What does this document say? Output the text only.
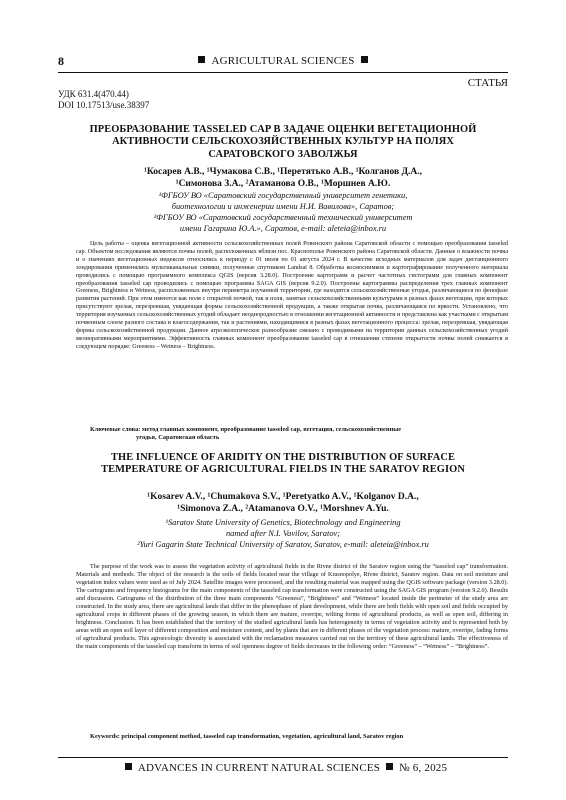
8	AGRICULTURAL SCIENCES
СТАТЬЯ
УДК 631.4(470.44)
DOI 10.17513/use.38397
ПРЕОБРАЗОВАНИЕ TASSELED CAP В ЗАДАЧЕ ОЦЕНКИ ВЕГЕТАЦИОННОЙ АКТИВНОСТИ СЕЛЬСКОХОЗЯЙСТВЕННЫХ КУЛЬТУР НА ПОЛЯХ САРАТОВСКОГО ЗАВОЛЖЬЯ
¹Косарев А.В., ¹Чумакова С.В., ¹Перетятько А.В., ¹Колганов Д.А.,
¹Симонова З.А., ²Атаманова О.В., ¹Моршнев А.Ю.
¹ФГБОУ ВО «Саратовский государственный университет генетики,
биотехнологии и инженерии имени Н.И. Вавилова», Саратов;
²ФГБОУ ВО «Саратовский государственный технический университет
имени Гагарина Ю.А.», Саратов, e-mail: aleteia@inbox.ru

Цель работы – оценка вегетационной активности сельскохозяйственных полей Ровенского района Саратовской области с помощью преобразования tasseled cap. Объектом исследования являются почвы полей, расположенных вблизи пос. Краснополье Ровенского района Саратовской области. Данные о влажности почвы и о значениях вегетационных индексов относились к периоду с 01 июля по 01 августа 2024 г. В качестве исходных материалов для задач дистанционного зондирования применялись мультиканальные снимки, полученные спутником Landsat 8. Обработка космоснимков и картографирование полученного материала проводились с помощью программного комплекса QGIS (версия 3.28.0). Построение картограмм и расчет частотных гистограмм для главных компонент преобразования tasseled cap проводились с помощью программы SAGA GIS (версия 9.2.0). Построены картограммы распределения трех главных компонент Greeness, Brightness и Wetness, расположенных внутри периметра изучаемой территории, где находятся сельскохозяйственные угодья, различающиеся по фенофазе развития растений. При этом имеются как поля с открытой почвой, так и поля, занятые сельскохозяйственными культурами в разных фазах вегетации, при которых присутствуют зрелая, перезревшая, увядающая формы сельскохозяйственной продукции, а также открытая почва, различающаяся по яркости. Установлено, что территория изучаемых сельскохозяйственных угодий обладает неоднородностью в отношении вегетационной активности и представлена как участками с открытым почвенным слоем разного состава и влагосодержания, так и растениями, находящимися в разных фазах вегетационного процесса: зрелая, перезревшая, увядающая формы сельскохозяйственной продукции. Данное агроэкологическое разнообразие связано с проводимыми на территории данных сельскохозяйственных угодий мелиоративными мероприятиями. Эффективность главных компонент преобразования tasseled cap в отношении степени открытости почвы полей снижается в следующем порядке: Greeness – Wetness – Brightness.

Ключевые слова: метод главных компонент, преобразование tasseled cap, вегетация, сельскохозяйственные
угодья, Саратовская область
THE INFLUENCE OF ARIDITY ON THE DISTRIBUTION OF SURFACE TEMPERATURE OF AGRICULTURAL FIELDS IN THE SARATOV REGION
¹Kosarev A.V., ¹Chumakova S.V., ¹Peretyatko A.V., ¹Kolganov D.A.,
¹Simonova Z.A., ²Atamanova O.V., ¹Morshnev A.Yu.
¹Saratov State University of Genetics, Biotechnology and Engineering
named after N.I. Vavilov, Saratov;
²Yuri Gagarin State Technical University of Saratov, Saratov, e-mail: aleteia@inbox.ru

The purpose of the work was to assess the vegetation activity of agricultural fields in the Rivne district of the Saratov region using the “tasseled cap” transformation. Materials and methods. The object of the research is the soils of fields located near the village of Krasnopolye, Rivne district, Saratov region. Data on soil moisture and vegetation index values were used as of July 2024. Satellite images were processed, and the resulting material was mapped using the QGIS software package (version 3.28.0). The cartograms and frequency histograms for the main components of the tasseled cap transformation were constructed using the SAGA GIS program (version 9.2.0). Results and discussion. Cartograms of the distribution of the three main components “Greeness”, “Brightness” and “Wetness” located inside the perimeter of the study area are constructed. In the study area, there are agricultural lands that differ in the phenophase of plant development, while there are both fields with open soil and fields occupied by agricultural crops in different phases of the growing season, in which there are mature, overripe, wilting forms of agricultural products, as well as open soil, differing in brightness. Conclusion. It has been established that the territory of the studied agricultural lands has heterogeneity in terms of vegetation activity and is represented both by areas with an open soil layer of different composition and moisture content, and by plants that are in different phases of the vegetation process: mature, overripe, fading forms of agricultural products. This agroecologic diversity is associated with the reclamation measures carried out on the territory of these agricultural lands. The effectiveness of the main components of the tasseled cap transform in terms of soil openness degree of fields decreases in the following order: “Greeness” – “Wetness” – “Brightness”.

Keywords: principal component method, tasseled cap transformation, vegetation, agricultural land, Saratov region
ADVANCES IN CURRENT NATURAL SCIENCES № 6, 2025
